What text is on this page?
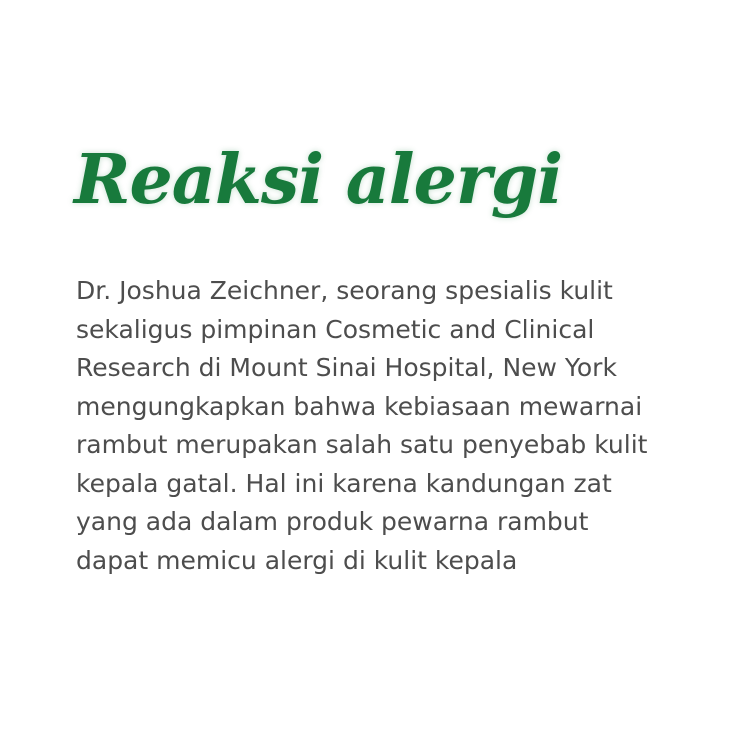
Reaksi alergi

Dr. Joshua Zeichner, seorang spesialis kulit
sekaligus pimpinan Cosmetic and Clinical
Research di Mount Sinai Hospital, New York
mengungkapkan bahwa kebiasaan mewarnai
rambut merupakan salah satu penyebab kulit
kepala gatal. Hal ini karena kandungan zat
yang ada dalam produk pewarna rambut
dapat memicu alergi di kulit kepala
